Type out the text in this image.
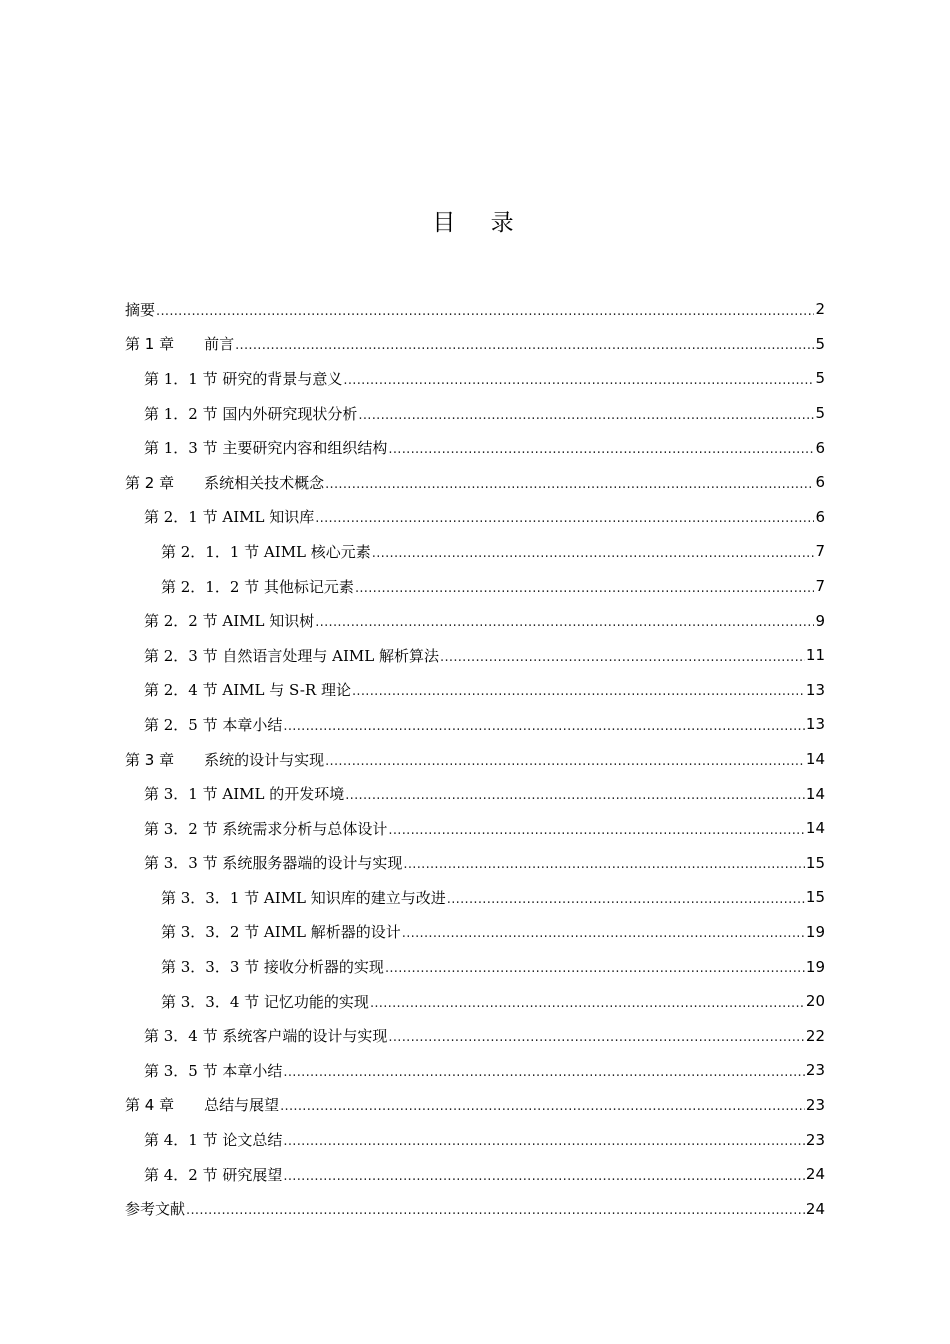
目 录
摘要 .....	2
第 1 章　　前言 .....	5
第 1．1 节 研究的背景与意义 .....	5
第 1．2 节 国内外研究现状分析 .....	5
第 1．3 节 主要研究内容和组织结构 .....	6
第 2 章　　系统相关技术概念 .....	6
第 2．1 节 AIML 知识库 .....	6
第 2．1．1 节 AIML 核心元素 .....	7
第 2．1．2 节 其他标记元素 .....	7
第 2．2 节 AIML 知识树 .....	9
第 2．3 节 自然语言处理与 AIML 解析算法 .....	11
第 2．4 节 AIML 与 S-R 理论 .....	13
第 2．5 节 本章小结 .....	13
第 3 章　　系统的设计与实现 .....	14
第 3．1 节 AIML 的开发环境 .....	14
第 3．2 节 系统需求分析与总体设计 .....	14
第 3．3 节 系统服务器端的设计与实现 .....	15
第 3．3．1 节 AIML 知识库的建立与改进 .....	15
第 3．3．2 节 AIML 解析器的设计 .....	19
第 3．3．3 节 接收分析器的实现 .....	19
第 3．3．4 节 记忆功能的实现 .....	20
第 3．4 节 系统客户端的设计与实现 .....	22
第 3．5 节 本章小结 .....	23
第 4 章　　总结与展望 .....	23
第 4．1 节 论文总结 .....	23
第 4．2 节 研究展望 .....	24
参考文献 .....	24
